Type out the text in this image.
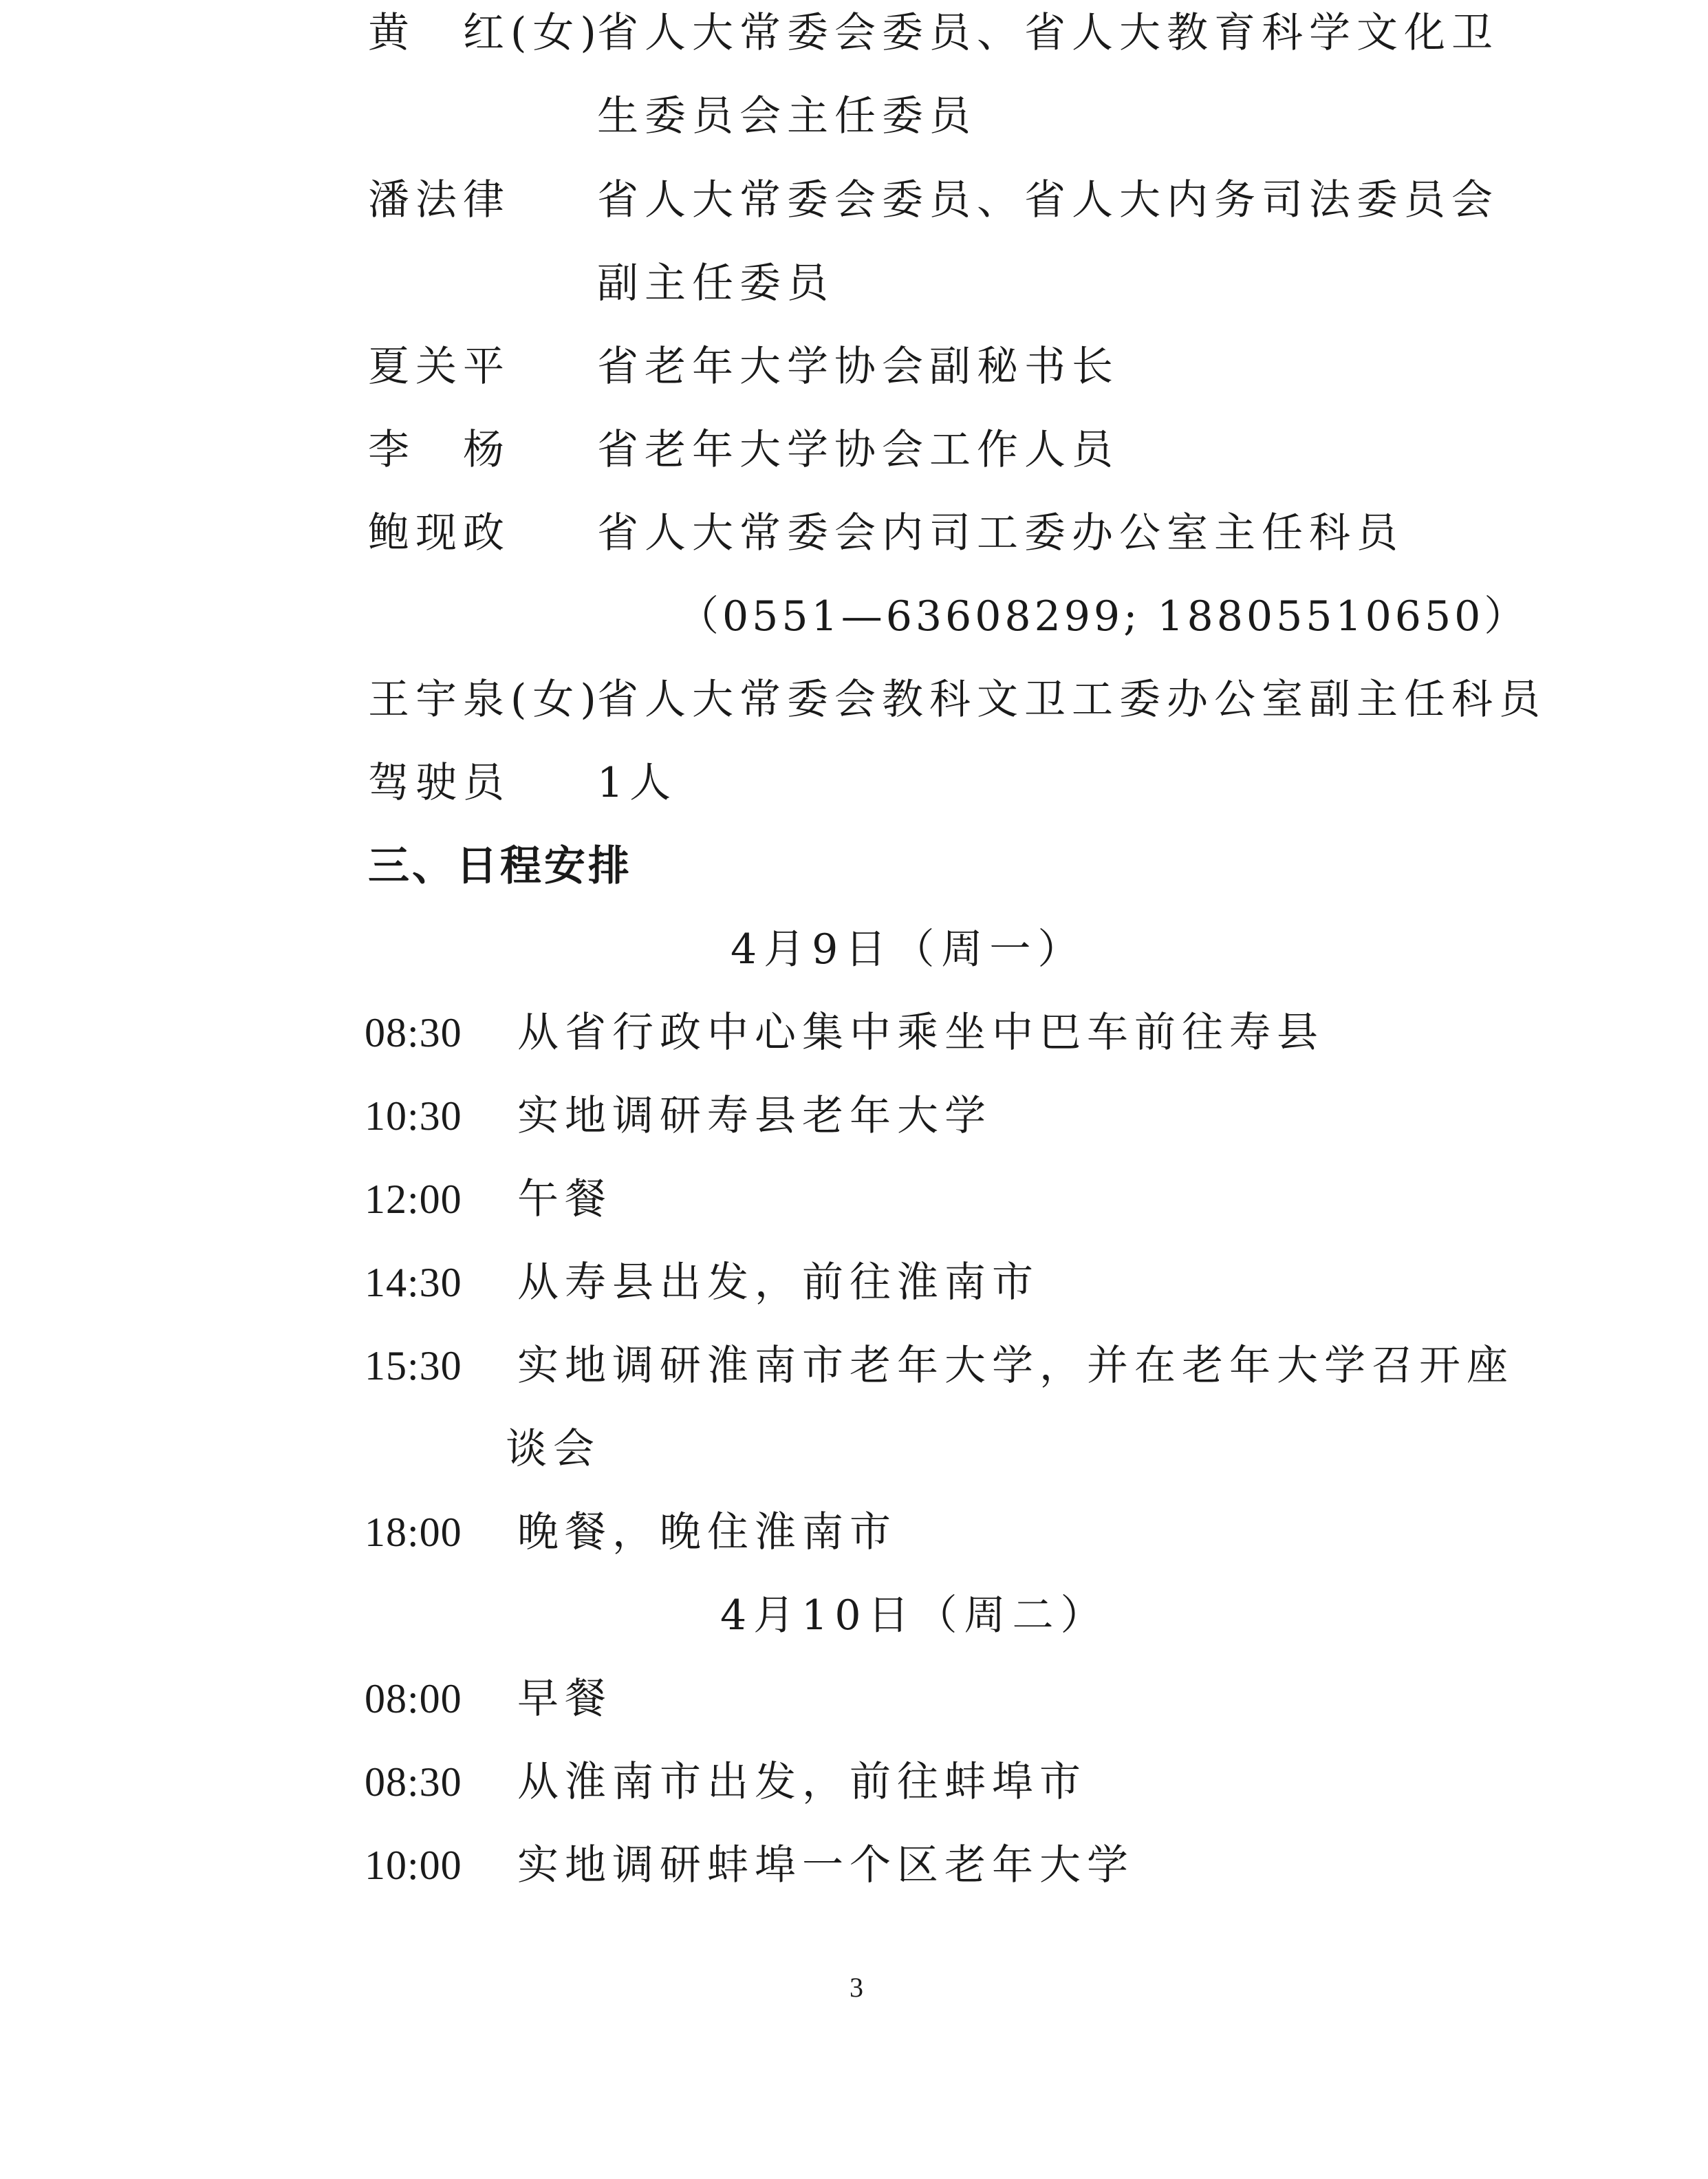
黄　红(女)
省人大常委会委员、省人大教育科学文化卫
生委员会主任委员
潘法律 省人大常委会委员、省人大内务司法委员会
副主任委员
夏关平 省老年大学协会副秘书长
李　杨 省老年大学协会工作人员
鲍现政 省人大常委会内司工委办公室主任科员
（0551—63608299; 18805510650）
王宇泉(女)
省人大常委会教科文卫工委办公室副主任科员
驾驶员 1人
三、日程安排
4月9日（周一）
08:30 从省行政中心集中乘坐中巴车前往寿县
10:30 实地调研寿县老年大学
12:00 午餐
14:30 从寿县出发，前往淮南市
15:30 实地调研淮南市老年大学，并在老年大学召开座
谈会
18:00 晚餐，晚住淮南市
4月10日（周二）
08:00 早餐
08:30 从淮南市出发，前往蚌埠市
10:00 实地调研蚌埠一个区老年大学
3
